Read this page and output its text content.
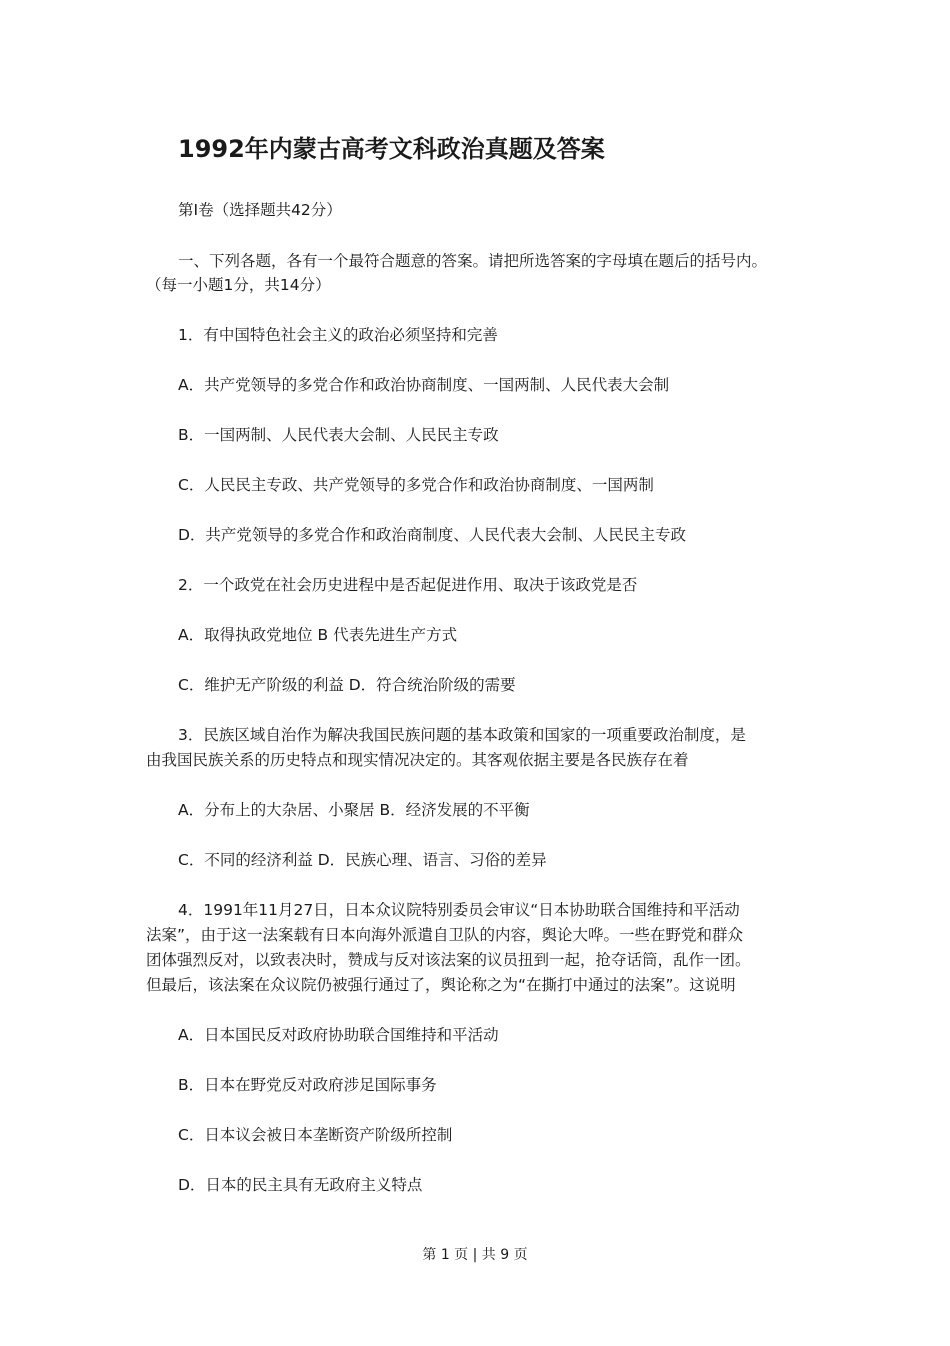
1992年内蒙古高考文科政治真题及答案
第Ⅰ卷（选择题共42分）
一、下列各题，各有一个最符合题意的答案。请把所选答案的字母填在题后的括号内。
（每一小题1分，共14分）
1．有中国特色社会主义的政治必须坚持和完善
A．共产党领导的多党合作和政治协商制度、一国两制、人民代表大会制
B．一国两制、人民代表大会制、人民民主专政
C．人民民主专政、共产党领导的多党合作和政治协商制度、一国两制
D．共产党领导的多党合作和政治商制度、人民代表大会制、人民民主专政
2．一个政党在社会历史进程中是否起促进作用、取决于该政党是否
A．取得执政党地位 B 代表先进生产方式
C．维护无产阶级的利益 D．符合统治阶级的需要
3．民族区域自治作为解决我国民族问题的基本政策和国家的一项重要政治制度，是
由我国民族关系的历史特点和现实情况决定的。其客观依据主要是各民族存在着
A．分布上的大杂居、小聚居 B．经济发展的不平衡
C．不同的经济利益 D．民族心理、语言、习俗的差异
4．1991年11月27日，日本众议院特别委员会审议“日本协助联合国维持和平活动
法案”，由于这一法案载有日本向海外派遣自卫队的内容，舆论大哗。一些在野党和群众
团体强烈反对，以致表决时，赞成与反对该法案的议员扭到一起，抢夺话筒，乱作一团。
但最后，该法案在众议院仍被强行通过了，舆论称之为“在撕打中通过的法案”。这说明
A．日本国民反对政府协助联合国维持和平活动
B．日本在野党反对政府涉足国际事务
C．日本议会被日本垄断资产阶级所控制
D．日本的民主具有无政府主义特点
第 1 页 | 共 9 页
